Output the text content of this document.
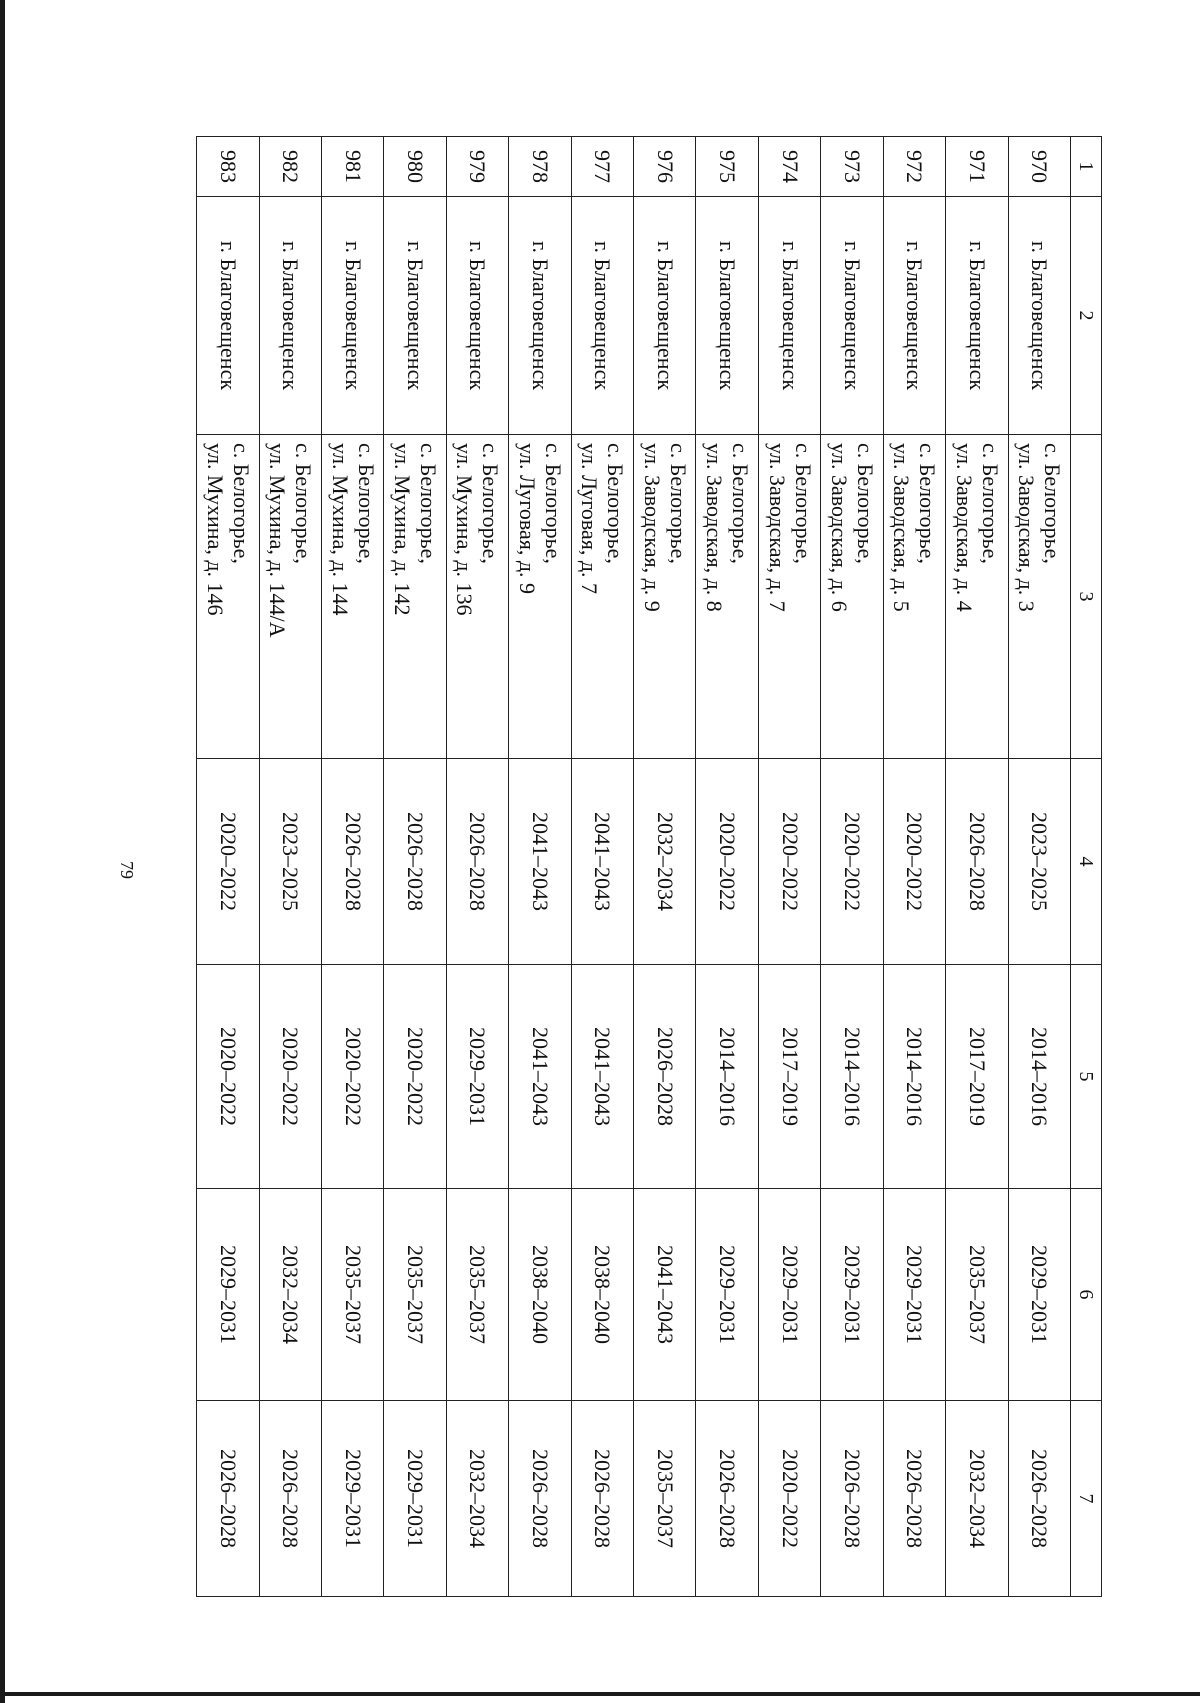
79
1	2	3	4	5	6	7
970	г. Благовещенск	с. Белогорье,
ул. Заводская, д. 3	2023–2025	2014–2016	2029–2031	2026–2028
971	г. Благовещенск	с. Белогорье,
ул. Заводская, д. 4	2026–2028	2017–2019	2035–2037	2032–2034
972	г. Благовещенск	с. Белогорье,
ул. Заводская, д. 5	2020–2022	2014–2016	2029–2031	2026–2028
973	г. Благовещенск	с. Белогорье,
ул. Заводская, д. 6	2020–2022	2014–2016	2029–2031	2026–2028
974	г. Благовещенск	с. Белогорье,
ул. Заводская, д. 7	2020–2022	2017–2019	2029–2031	2020–2022
975	г. Благовещенск	с. Белогорье,
ул. Заводская, д. 8	2020–2022	2014–2016	2029–2031	2026–2028
976	г. Благовещенск	с. Белогорье,
ул. Заводская, д. 9	2032–2034	2026–2028	2041–2043	2035–2037
977	г. Благовещенск	с. Белогорье,
ул. Луговая, д. 7	2041–2043	2041–2043	2038–2040	2026–2028
978	г. Благовещенск	с. Белогорье,
ул. Луговая, д. 9	2041–2043	2041–2043	2038–2040	2026–2028
979	г. Благовещенск	с. Белогорье,
ул. Мухина, д. 136	2026–2028	2029–2031	2035–2037	2032–2034
980	г. Благовещенск	с. Белогорье,
ул. Мухина, д. 142	2026–2028	2020–2022	2035–2037	2029–2031
981	г. Благовещенск	с. Белогорье,
ул. Мухина, д. 144	2026–2028	2020–2022	2035–2037	2029–2031
982	г. Благовещенск	с. Белогорье,
ул. Мухина, д. 144/А	2023–2025	2020–2022	2032–2034	2026–2028
983	г. Благовещенск	с. Белогорье,
ул. Мухина, д. 146	2020–2022	2020–2022	2029–2031	2026–2028
